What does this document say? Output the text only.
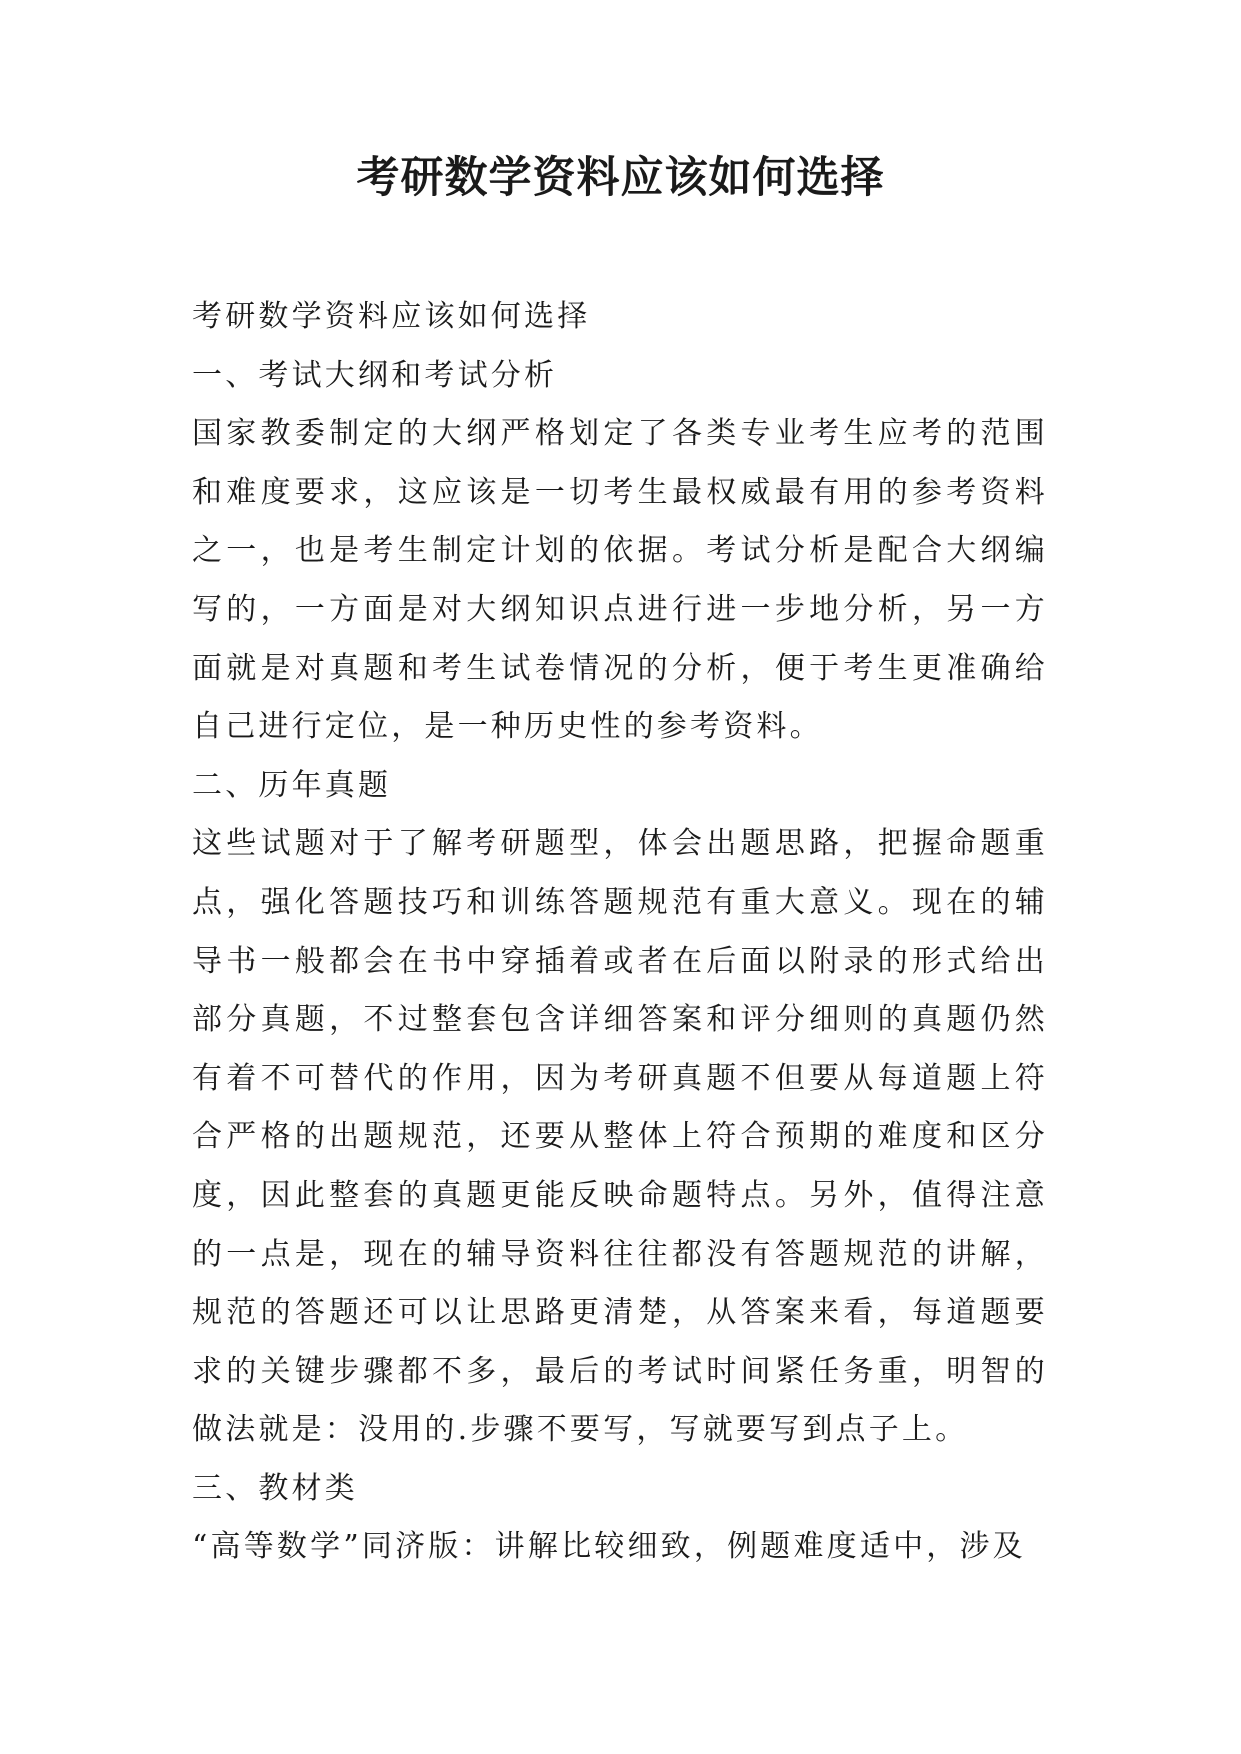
考研数学资料应该如何选择

考研数学资料应该如何选择

一、考试大纲和考试分析

国家教委制定的大纲严格划定了各类专业考生应考的范围和难度要求，这应该是一切考生最权威最有用的参考资料之一，也是考生制定计划的依据。考试分析是配合大纲编写的，一方面是对大纲知识点进行进一步地分析，另一方面就是对真题和考生试卷情况的分析，便于考生更准确给自己进行定位，是一种历史性的参考资料。

二、历年真题

这些试题对于了解考研题型，体会出题思路，把握命题重点，强化答题技巧和训练答题规范有重大意义。现在的辅导书一般都会在书中穿插着或者在后面以附录的形式给出部分真题，不过整套包含详细答案和评分细则的真题仍然有着不可替代的作用，因为考研真题不但要从每道题上符合严格的出题规范，还要从整体上符合预期的难度和区分度，因此整套的真题更能反映命题特点。另外，值得注意的一点是，现在的辅导资料往往都没有答题规范的讲解，规范的答题还可以让思路更清楚，从答案来看，每道题要求的关键步骤都不多，最后的考试时间紧任务重，明智的做法就是：没用的.步骤不要写，写就要写到点子上。

三、教材类

“高等数学”同济版：讲解比较细致，例题难度适中，涉及
